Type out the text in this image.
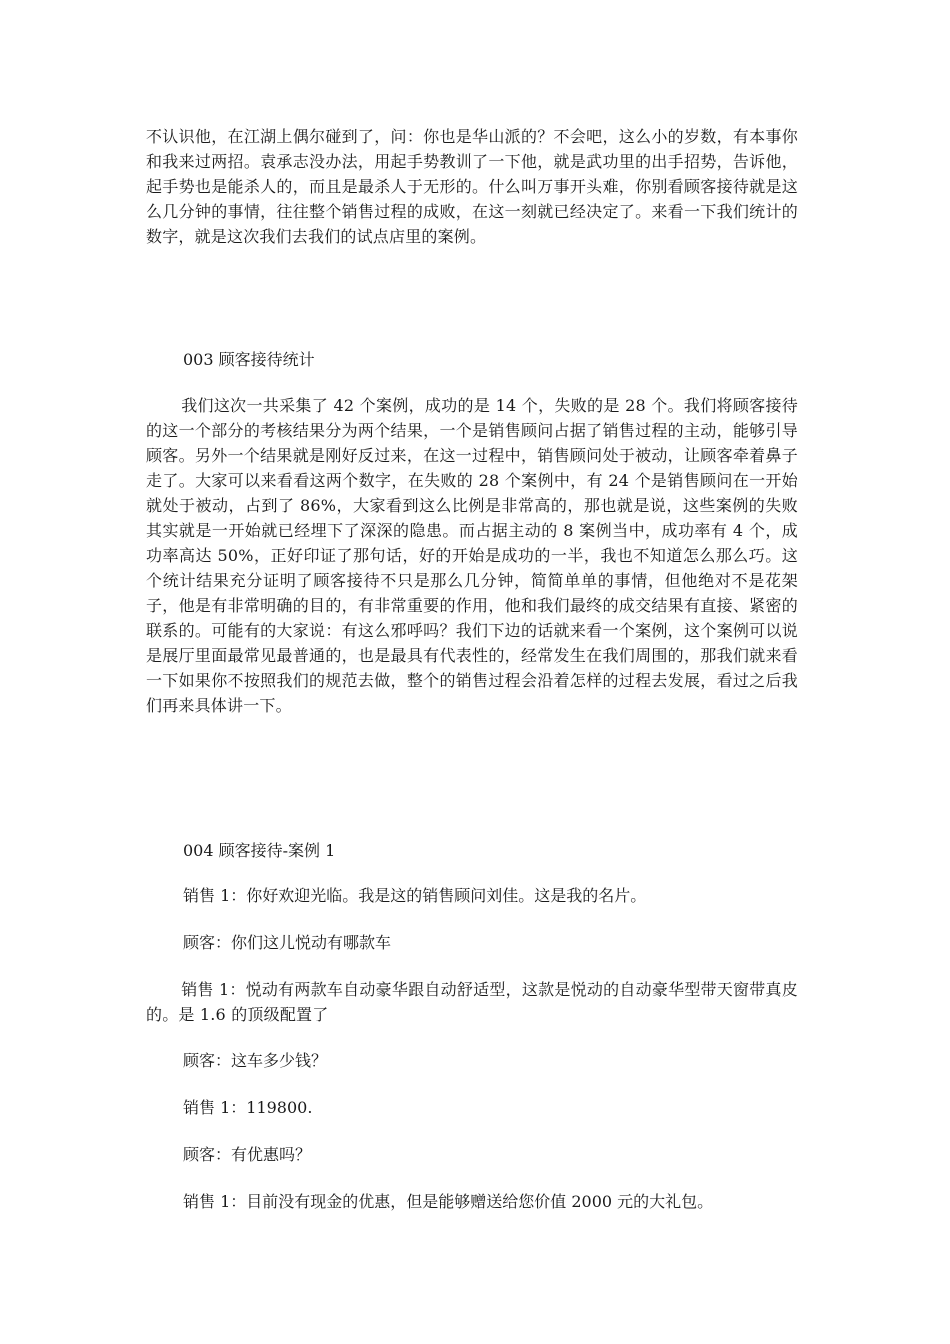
不认识他，在江湖上偶尔碰到了，问：你也是华山派的？不会吧，这么小的岁数，有本事你和我来过两招。袁承志没办法，用起手势教训了一下他，就是武功里的出手招势，告诉他，起手势也是能杀人的，而且是最杀人于无形的。什么叫万事开头难，你别看顾客接待就是这么几分钟的事情，往往整个销售过程的成败，在这一刻就已经决定了。来看一下我们统计的数字，就是这次我们去我们的试点店里的案例。

003 顾客接待统计

我们这次一共采集了 42 个案例，成功的是 14 个，失败的是 28 个。我们将顾客接待的这一个部分的考核结果分为两个结果，一个是销售顾问占据了销售过程的主动，能够引导顾客。另外一个结果就是刚好反过来，在这一过程中，销售顾问处于被动，让顾客牵着鼻子走了。大家可以来看看这两个数字，在失败的 28 个案例中，有 24 个是销售顾问在一开始就处于被动，占到了 86%，大家看到这么比例是非常高的，那也就是说，这些案例的失败其实就是一开始就已经埋下了深深的隐患。而占据主动的 8 案例当中，成功率有 4 个，成功率高达 50%，正好印证了那句话，好的开始是成功的一半，我也不知道怎么那么巧。这个统计结果充分证明了顾客接待不只是那么几分钟，简简单单的事情，但他绝对不是花架子，他是有非常明确的目的，有非常重要的作用，他和我们最终的成交结果有直接、紧密的联系的。可能有的大家说：有这么邪呼吗？我们下边的话就来看一个案例，这个案例可以说是展厅里面最常见最普通的，也是最具有代表性的，经常发生在我们周围的，那我们就来看一下如果你不按照我们的规范去做，整个的销售过程会沿着怎样的过程去发展，看过之后我们再来具体讲一下。

004 顾客接待-案例 1

销售 1：你好欢迎光临。我是这的销售顾问刘佳。这是我的名片。

顾客：你们这儿悦动有哪款车

销售 1：悦动有两款车自动豪华跟自动舒适型，这款是悦动的自动豪华型带天窗带真皮的。是 1.6 的顶级配置了

顾客：这车多少钱？

销售 1：119800.

顾客：有优惠吗？

销售 1：目前没有现金的优惠，但是能够赠送给您价值 2000 元的大礼包。
